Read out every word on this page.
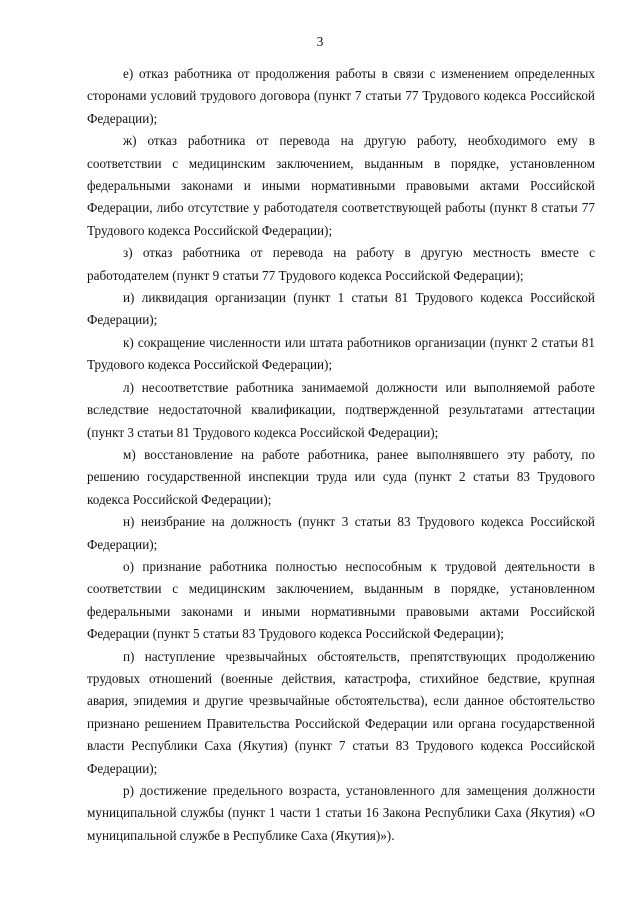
3

е) отказ работника от продолжения работы в связи с изменением определенных сторонами условий трудового договора (пункт 7 статьи 77 Трудового кодекса Российской Федерации);

ж) отказ работника от перевода на другую работу, необходимого ему в соответствии с медицинским заключением, выданным в порядке, установленном федеральными законами и иными нормативными правовыми актами Российской Федерации, либо отсутствие у работодателя соответствующей работы (пункт 8 статьи 77 Трудового кодекса Российской Федерации);

з) отказ работника от перевода на работу в другую местность вместе с работодателем (пункт 9 статьи 77 Трудового кодекса Российской Федерации);

и) ликвидация организации (пункт 1 статьи 81 Трудового кодекса Российской Федерации);

к) сокращение численности или штата работников организации (пункт 2 статьи 81 Трудового кодекса Российской Федерации);

л) несоответствие работника занимаемой должности или выполняемой работе вследствие недостаточной квалификации, подтвержденной результатами аттестации (пункт 3 статьи 81 Трудового кодекса Российской Федерации);

м) восстановление на работе работника, ранее выполнявшего эту работу, по решению государственной инспекции труда или суда (пункт 2 статьи 83 Трудового кодекса Российской Федерации);

н) неизбрание на должность (пункт 3 статьи 83 Трудового кодекса Российской Федерации);

о) признание работника полностью неспособным к трудовой деятельности в соответствии с медицинским заключением, выданным в порядке, установленном федеральными законами и иными нормативными правовыми актами Российской Федерации (пункт 5 статьи 83 Трудового кодекса Российской Федерации);

п) наступление чрезвычайных обстоятельств, препятствующих продолжению трудовых отношений (военные действия, катастрофа, стихийное бедствие, крупная авария, эпидемия и другие чрезвычайные обстоятельства), если данное обстоятельство признано решением Правительства Российской Федерации или органа государственной власти Республики Саха (Якутия) (пункт 7 статьи 83 Трудового кодекса Российской Федерации);

р) достижение предельного возраста, установленного для замещения должности муниципальной службы (пункт 1 части 1 статьи 16 Закона Республики Саха (Якутия) «О муниципальной службе в Республике Саха (Якутия)»).
